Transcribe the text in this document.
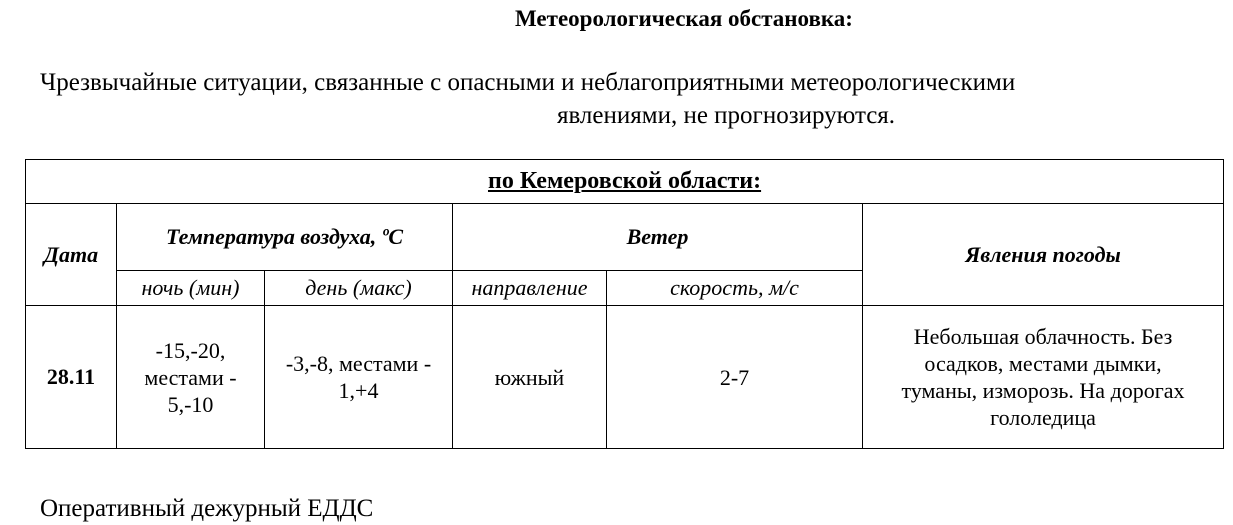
Метеорологическая обстановка:
Чрезвычайные ситуации, связанные с опасными и неблагоприятными метеорологическими
явлениями, не прогнозируются.
по Кемеровской области:					
Дата	Температура воздуха, ºС		Ветер		Явления погоды
	ночь (мин)	день (макс)	направление	скорость, м/с	
28.11	-15,-20,
местами -
5,-10	-3,-8, местами -
1,+4	южный	2-7	Небольшая облачность. Без
осадков, местами дымки,
туманы, изморозь. На дорогах
гололедица
Оперативный дежурный ЕДДС
